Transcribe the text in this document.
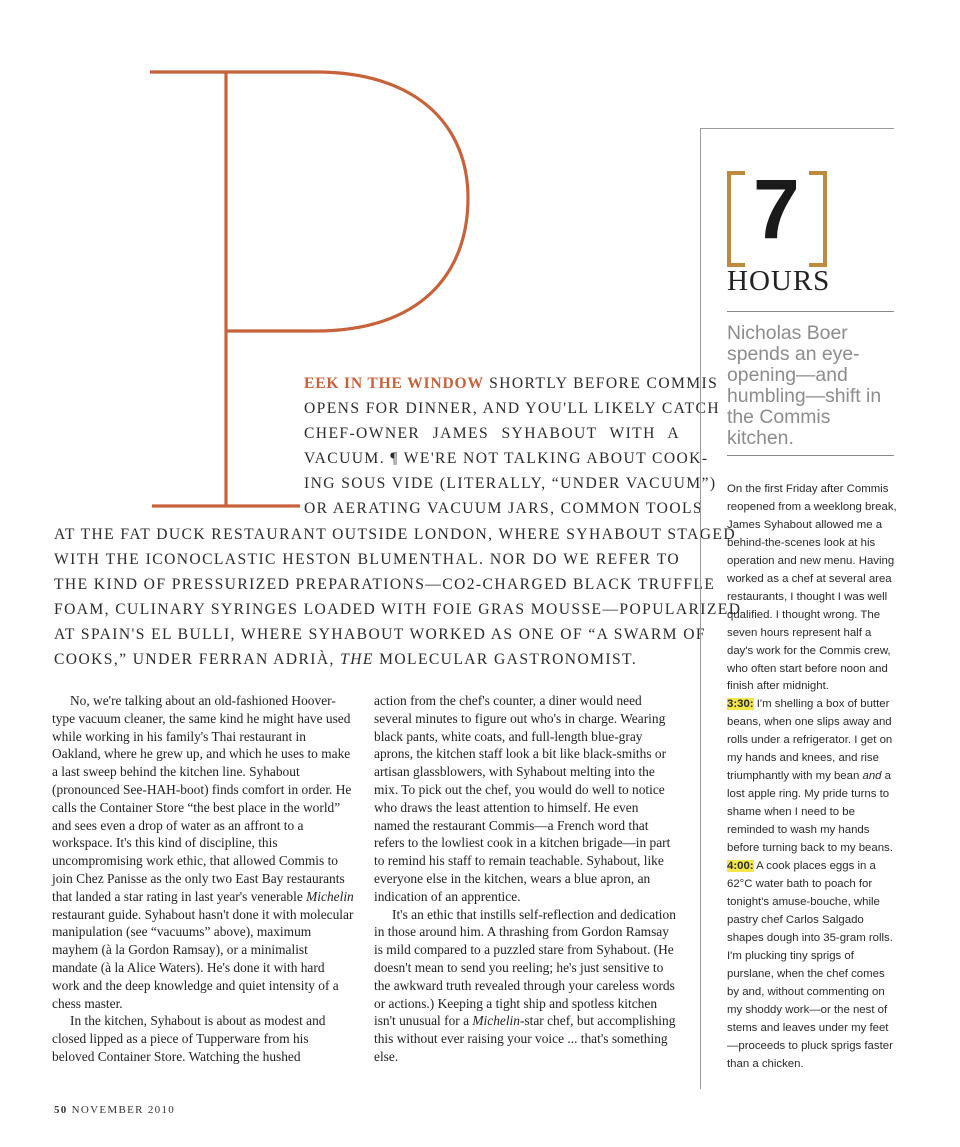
EEK IN THE WINDOW SHORTLY BEFORE COMMIS
OPENS FOR DINNER, AND YOU'LL LIKELY CATCH
CHEF-OWNER JAMES SYHABOUT WITH A
VACUUM. ¶ WE'RE NOT TALKING ABOUT COOK-
ING SOUS VIDE (LITERALLY, “UNDER VACUUM”)
OR AERATING VACUUM JARS, COMMON TOOLS
AT THE FAT DUCK RESTAURANT OUTSIDE LONDON, WHERE SYHABOUT STAGED
WITH THE ICONOCLASTIC HESTON BLUMENTHAL. NOR DO WE REFER TO
THE KIND OF PRESSURIZED PREPARATIONS—CO2-CHARGED BLACK TRUFFLE
FOAM, CULINARY SYRINGES LOADED WITH FOIE GRAS MOUSSE—POPULARIZED
AT SPAIN'S EL BULLI, WHERE SYHABOUT WORKED AS ONE OF “A SWARM OF
COOKS,” UNDER FERRAN ADRIÀ, THE MOLECULAR GASTRONOMIST.

No, we're talking about an old-fashioned Hoover-type vacuum cleaner, the same kind he might have used while working in his family's Thai restaurant in Oakland, where he grew up, and which he uses to make a last sweep behind the kitchen line. Syhabout (pronounced See-HAH-boot) finds comfort in order. He calls the Container Store “the best place in the world” and sees even a drop of water as an affront to a workspace. It's this kind of discipline, this uncompromising work ethic, that allowed Commis to join Chez Panisse as the only two East Bay restaurants that landed a star rating in last year's venerable Michelin restaurant guide. Syhabout hasn't done it with molecular manipulation (see “vacuums” above), maximum mayhem (à la Gordon Ramsay), or a minimalist mandate (à la Alice Waters). He's done it with hard work and the deep knowledge and quiet intensity of a chess master.

In the kitchen, Syhabout is about as modest and closed lipped as a piece of Tupperware from his beloved Container Store. Watching the hushed

action from the chef's counter, a diner would need several minutes to figure out who's in charge. Wearing black pants, white coats, and full-length blue-gray aprons, the kitchen staff look a bit like black-smiths or artisan glassblowers, with Syhabout melting into the mix. To pick out the chef, you would do well to notice who draws the least attention to himself. He even named the restaurant Commis—a French word that refers to the lowliest cook in a kitchen brigade—in part to remind his staff to remain teachable. Syhabout, like everyone else in the kitchen, wears a blue apron, an indication of an apprentice.

It's an ethic that instills self-reflection and dedication in those around him. A thrashing from Gordon Ramsay is mild compared to a puzzled stare from Syhabout. (He doesn't mean to send you reeling; he's just sensitive to the awkward truth revealed through your careless words or actions.) Keeping a tight ship and spotless kitchen isn't unusual for a Michelin-star chef, but accomplishing this without ever raising your voice ... that's something else.

7
HOURS
Nicholas Boer spends an eye-opening—and humbling—shift in the Commis kitchen.

On the first Friday after Commis reopened from a weeklong break, James Syhabout allowed me a behind-the-scenes look at his operation and new menu. Having worked as a chef at several area restaurants, I thought I was well qualified. I thought wrong. The seven hours represent half a day's work for the Commis crew, who often start before noon and finish after midnight.
3:30: I'm shelling a box of butter beans, when one slips away and rolls under a refrigerator. I get on my hands and knees, and rise triumphantly with my bean and a lost apple ring. My pride turns to shame when I need to be reminded to wash my hands before turning back to my beans.
4:00: A cook places eggs in a 62°C water bath to poach for tonight's amuse-bouche, while pastry chef Carlos Salgado shapes dough into 35-gram rolls. I'm plucking tiny sprigs of purslane, when the chef comes by and, without commenting on my shoddy work—or the nest of stems and leaves under my feet—proceeds to pluck sprigs faster than a chicken.

50 NOVEMBER 2010
